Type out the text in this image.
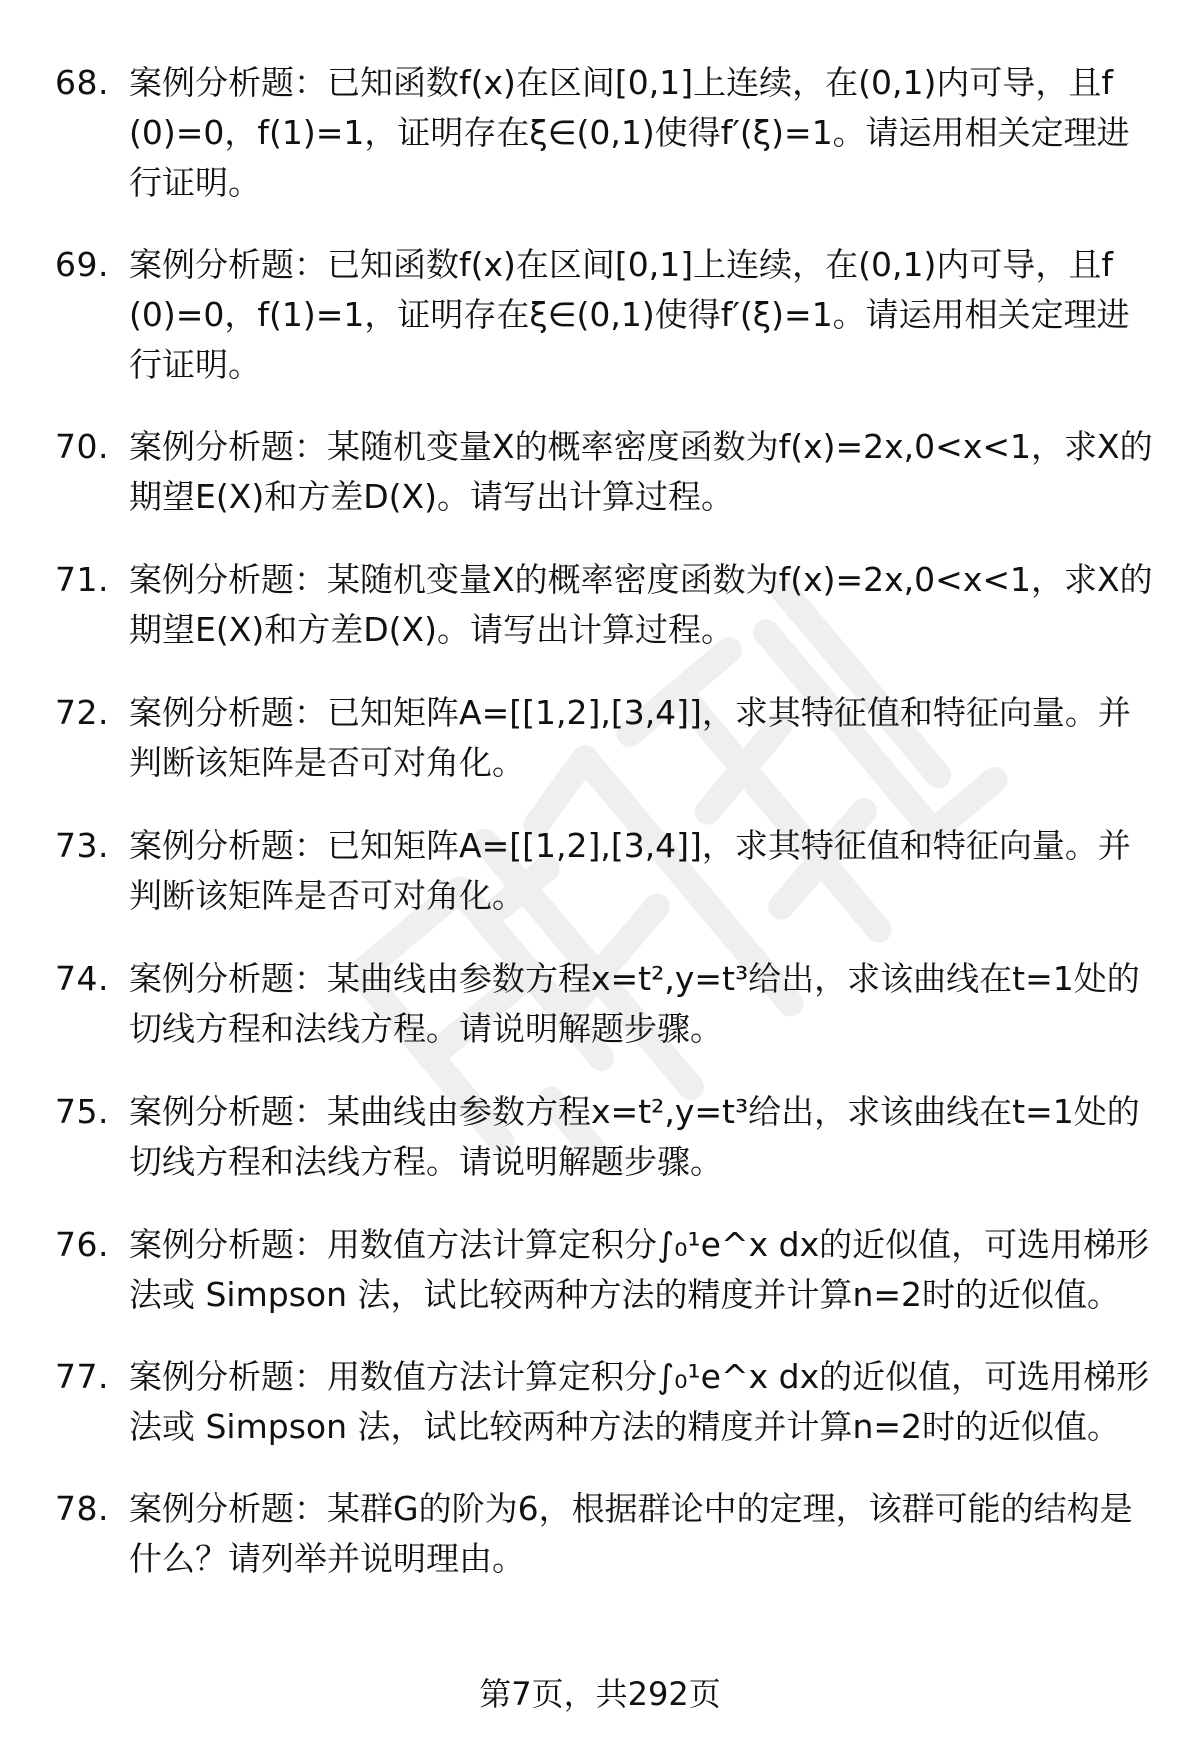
68. 案例分析题：已知函数f(x)在区间[0,1]上连续，在(0,1)内可导，且f(0)=0，f(1)=1，证明存在ξ∈(0,1)使得f′(ξ)=1。请运用相关定理进行证明。
69. 案例分析题：已知函数f(x)在区间[0,1]上连续，在(0,1)内可导，且f(0)=0，f(1)=1，证明存在ξ∈(0,1)使得f′(ξ)=1。请运用相关定理进行证明。
70. 案例分析题：某随机变量X的概率密度函数为f(x)=2x,0<x<1，求X的期望E(X)和方差D(X)。请写出计算过程。
71. 案例分析题：某随机变量X的概率密度函数为f(x)=2x,0<x<1，求X的期望E(X)和方差D(X)。请写出计算过程。
72. 案例分析题：已知矩阵A=[[1,2],[3,4]]，求其特征值和特征向量。并判断该矩阵是否可对角化。
73. 案例分析题：已知矩阵A=[[1,2],[3,4]]，求其特征值和特征向量。并判断该矩阵是否可对角化。
74. 案例分析题：某曲线由参数方程x=t²,y=t³给出，求该曲线在t=1处的切线方程和法线方程。请说明解题步骤。
75. 案例分析题：某曲线由参数方程x=t²,y=t³给出，求该曲线在t=1处的切线方程和法线方程。请说明解题步骤。
76. 案例分析题：用数值方法计算定积分∫₀¹e^x dx的近似值，可选用梯形法或 Simpson 法，试比较两种方法的精度并计算n=2时的近似值。
77. 案例分析题：用数值方法计算定积分∫₀¹e^x dx的近似值，可选用梯形法或 Simpson 法，试比较两种方法的精度并计算n=2时的近似值。
78. 案例分析题：某群G的阶为6，根据群论中的定理，该群可能的结构是什么？请列举并说明理由。
第7页，共292页
